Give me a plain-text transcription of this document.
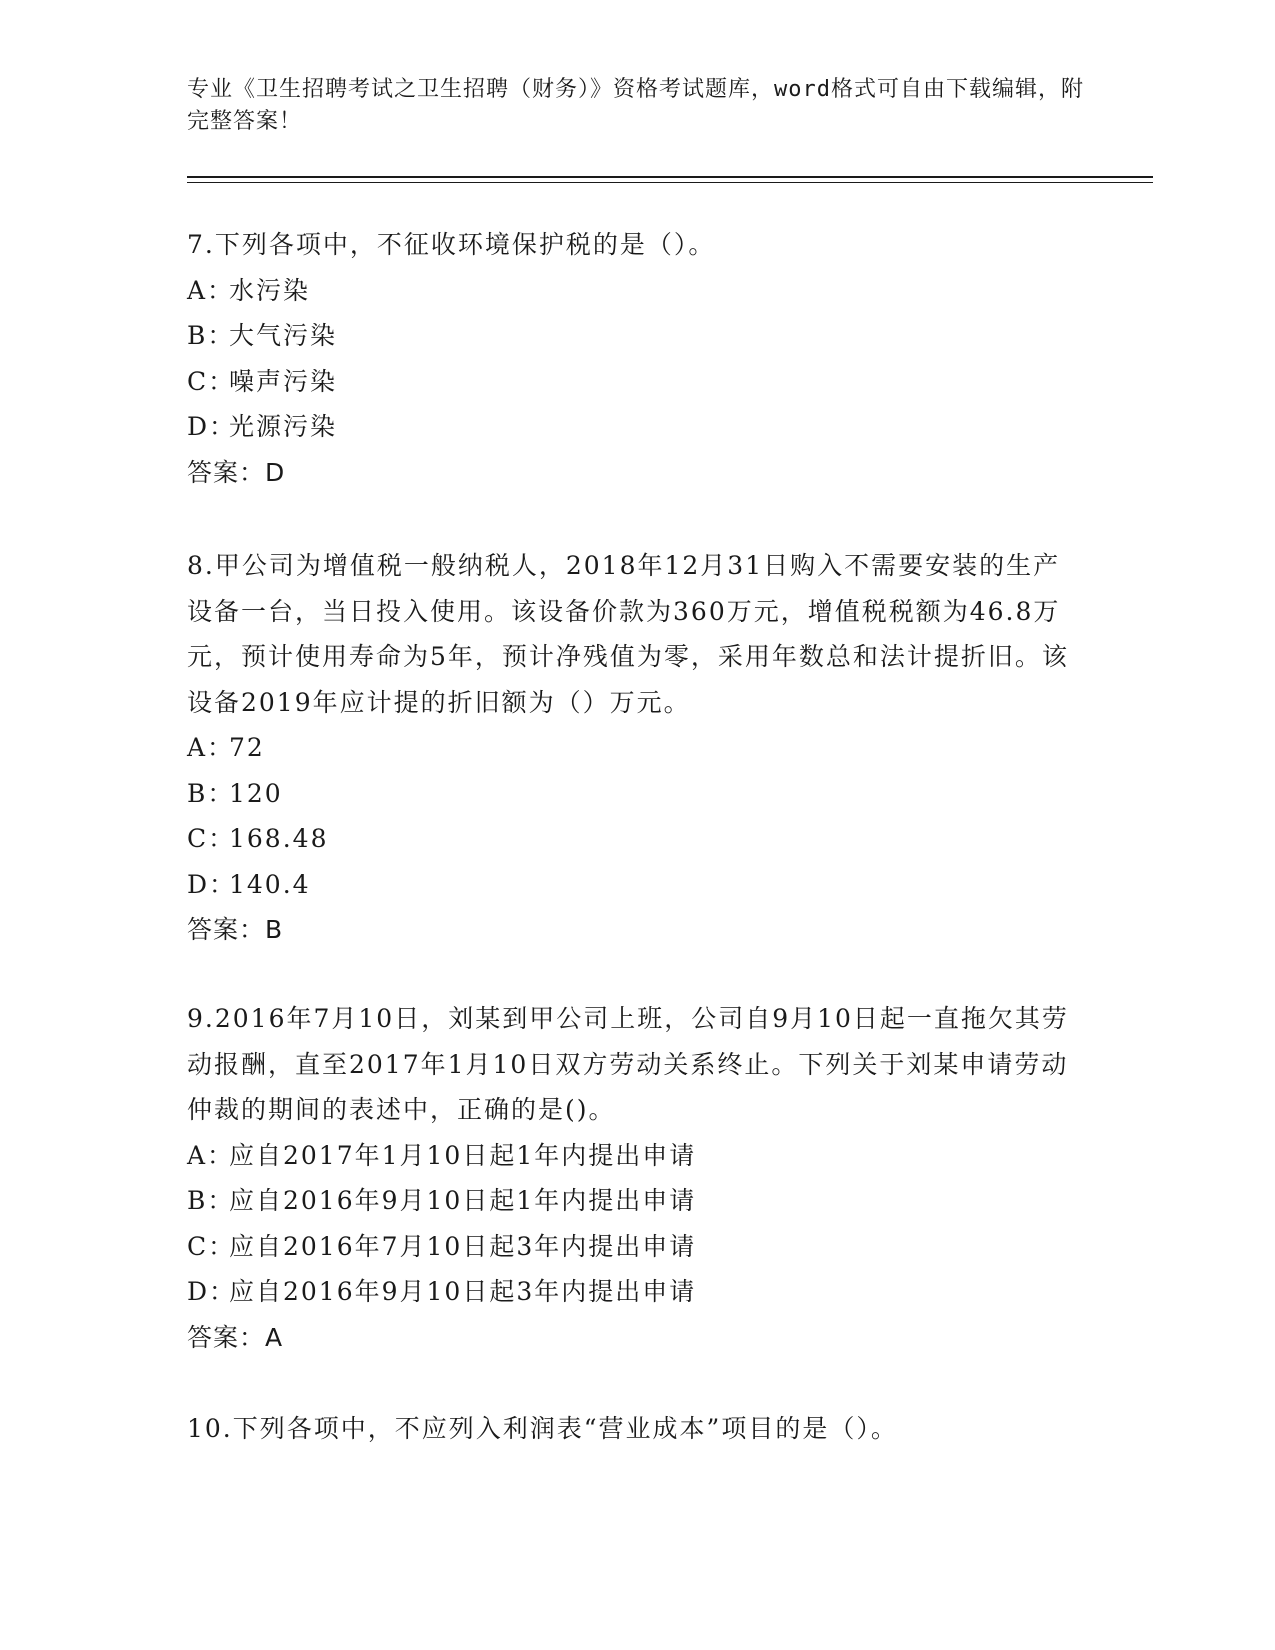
专业《卫生招聘考试之卫生招聘（财务）》资格考试题库，word格式可自由下载编辑，附完整答案！
7.下列各项中，不征收环境保护税的是（）。
A：水污染
B：大气污染
C：噪声污染
D：光源污染
答案：D
8.甲公司为增值税一般纳税人，2018年12月31日购入不需要安装的生产设备一台，当日投入使用。该设备价款为360万元，增值税税额为46.8万元，预计使用寿命为5年，预计净残值为零，采用年数总和法计提折旧。该设备2019年应计提的折旧额为（）万元。
A：72
B：120
C：168.48
D：140.4
答案：B
9.2016年7月10日，刘某到甲公司上班，公司自9月10日起一直拖欠其劳动报酬，直至2017年1月10日双方劳动关系终止。下列关于刘某申请劳动仲裁的期间的表述中，正确的是()。
A：应自2017年1月10日起1年内提出申请
B：应自2016年9月10日起1年内提出申请
C：应自2016年7月10日起3年内提出申请
D：应自2016年9月10日起3年内提出申请
答案：A
10.下列各项中，不应列入利润表“营业成本”项目的是（）。
